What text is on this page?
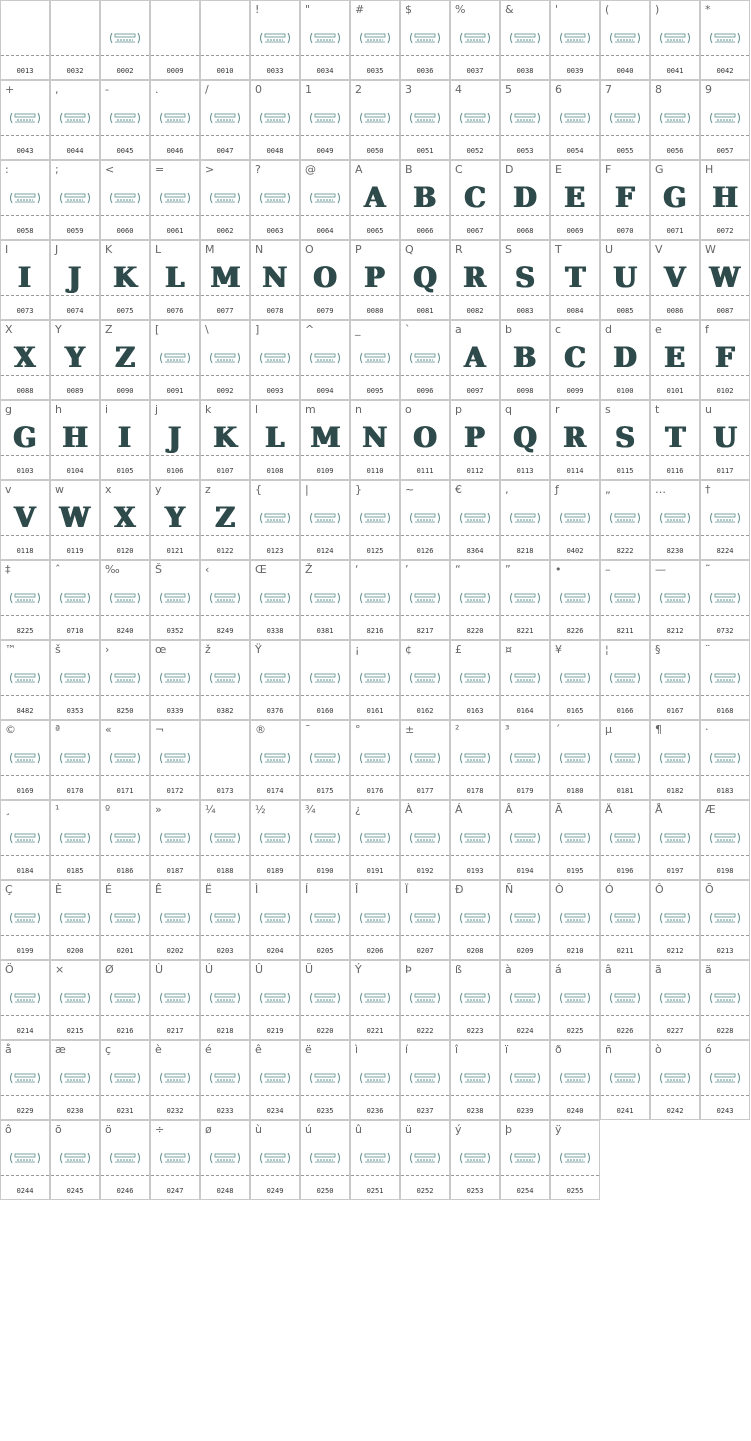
0013	0032	0002	0009	0010
!
0033
"
0034
#
0035
$
0036
%
0037
&
0038
'
0039
(
0040
)
0041
*
0042
+
0043
,
0044
-
0045
.
0046
/
0047
0
0048
1
0049
2
0050
3
0051
4
0052
5
0053
6
0054
7
0055
8
0056
9
0057
:
0058
;
0059
<
0060
=
0061
>
0062
?
0063
@
0064
A
A
0065
B
B
0066
C
C
0067
D
D
0068
E
E
0069
F
F
0070
G
G
0071
H
H
0072
I
I
0073
J
J
0074
K
K
0075
L
L
0076
M
M
0077
N
N
0078
O
O
0079
P
P
0080
Q
Q
0081
R
R
0082
S
S
0083
T
T
0084
U
U
0085
V
V
0086
W
W
0087
X
X
0088
Y
Y
0089
Z
Z
0090
[
0091
\
0092
]
0093
^
0094
_
0095
`
0096
a
A
0097
b
B
0098
c
C
0099
d
D
0100
e
E
0101
f
F
0102
g
G
0103
h
H
0104
i
I
0105
j
J
0106
k
K
0107
l
L
0108
m
M
0109
n
N
0110
o
O
0111
p
P
0112
q
Q
0113
r
R
0114
s
S
0115
t
T
0116
u
U
0117
v
V
0118
w
W
0119
x
X
0120
y
Y
0121
z
Z
0122
{
0123
|
0124
}
0125
~
0126
€
8364
‚
8218
ƒ
0402
„
8222
…
8230
†
8224
‡
8225
ˆ
0710
‰
8240
Š
0352
‹
8249
Œ
0338
Ž
0381
‘
8216
’
8217
“
8220
”
8221
•
8226
–
8211
—
8212
˜
0732
™
8482
š
0353
›
8250
œ
0339
ž
0382
Ÿ
0376	0160
¡
0161
¢
0162
£
0163
¤
0164
¥
0165
¦
0166
§
0167
¨
0168
©
0169
ª
0170
«
0171
¬
0172	0173
®
0174
¯
0175
°
0176
±
0177
²
0178
³
0179
´
0180
µ
0181
¶
0182
·
0183
¸
0184
¹
0185
º
0186
»
0187
¼
0188
½
0189
¾
0190
¿
0191
À
0192
Á
0193
Â
0194
Ã
0195
Ä
0196
Å
0197
Æ
0198
Ç
0199
È
0200
É
0201
Ê
0202
Ë
0203
Ì
0204
Í
0205
Î
0206
Ï
0207
Ð
0208
Ñ
0209
Ò
0210
Ó
0211
Ô
0212
Õ
0213
Ö
0214
×
0215
Ø
0216
Ù
0217
Ú
0218
Û
0219
Ü
0220
Ý
0221
Þ
0222
ß
0223
à
0224
á
0225
â
0226
ã
0227
ä
0228
å
0229
æ
0230
ç
0231
è
0232
é
0233
ê
0234
ë
0235
ì
0236
í
0237
î
0238
ï
0239
ð
0240
ñ
0241
ò
0242
ó
0243
ô
0244
õ
0245
ö
0246
÷
0247
ø
0248
ù
0249
ú
0250
û
0251
ü
0252
ý
0253
þ
0254
ÿ
0255
